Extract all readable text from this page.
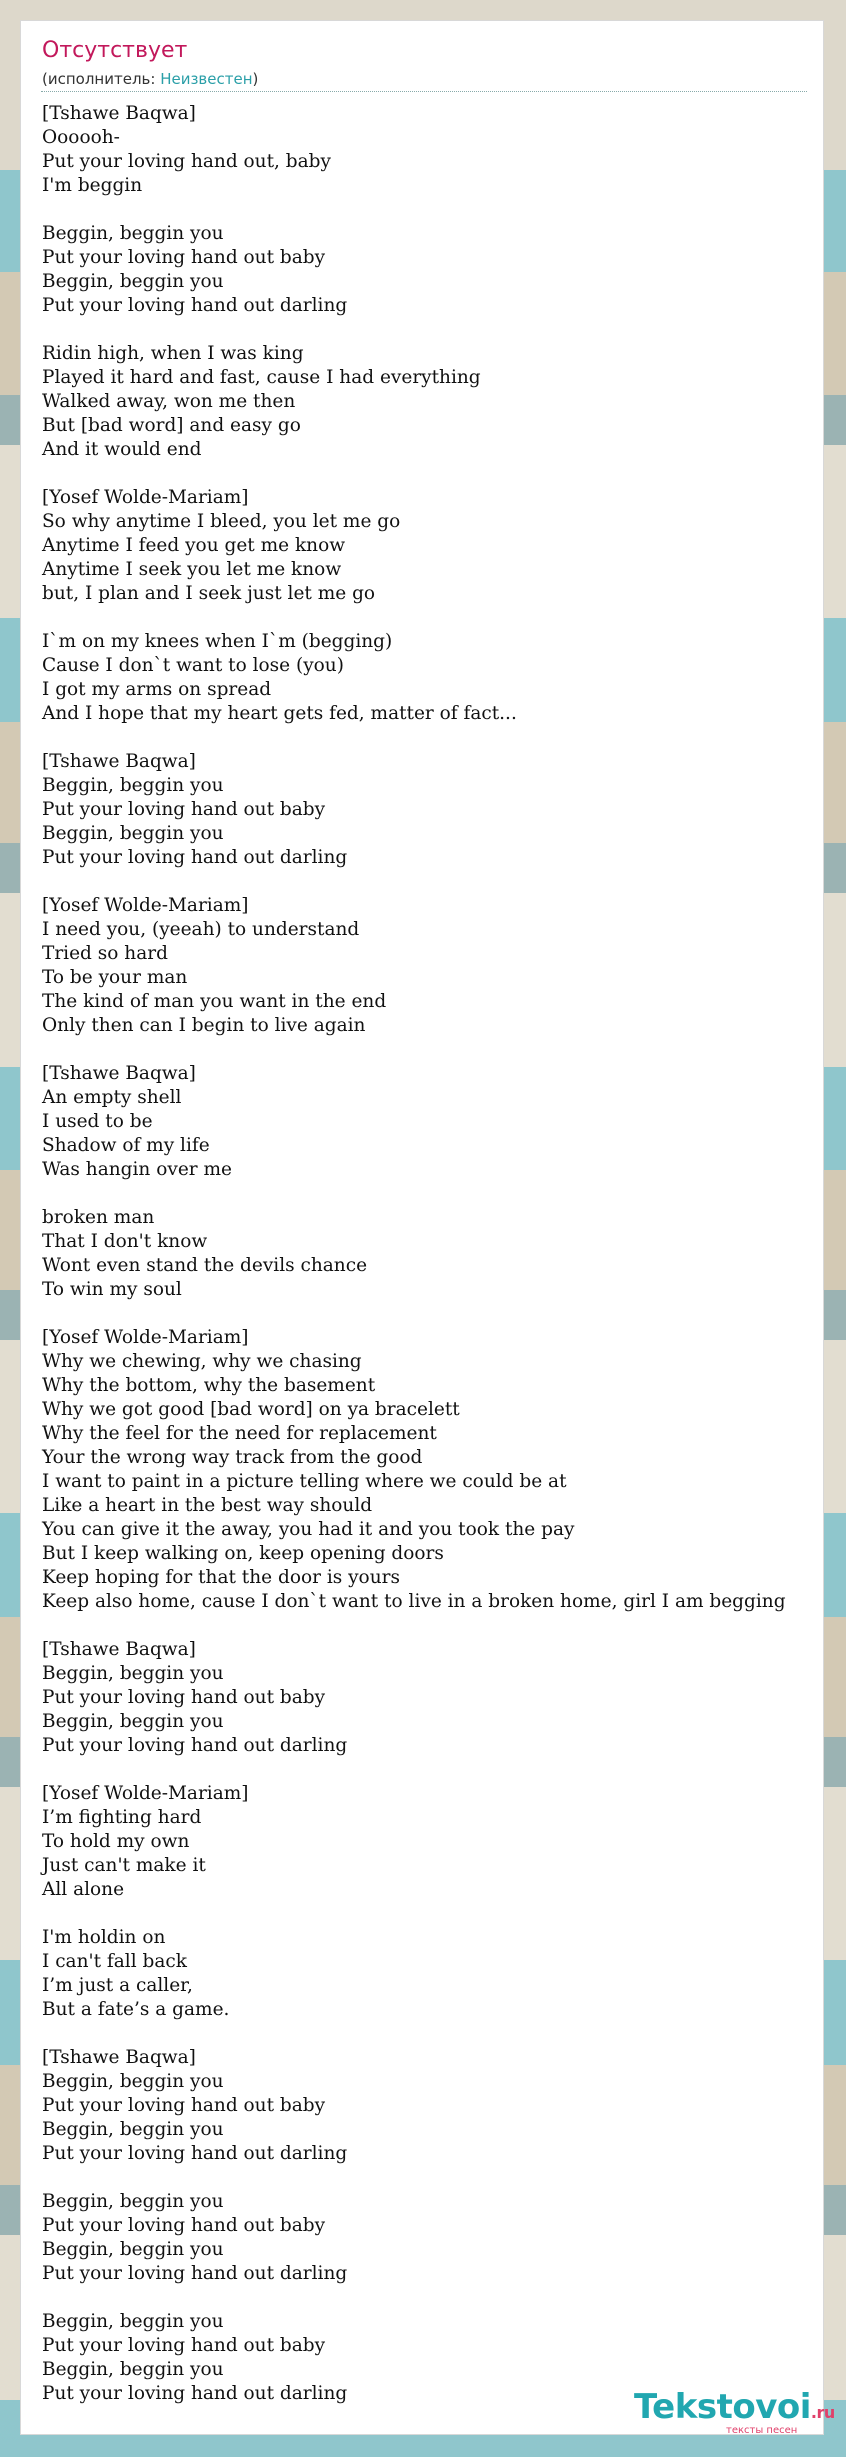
Отсутствует
(исполнитель: Неизвестен)
[Tshawe Baqwa]
Oooooh-
Put your loving hand out, baby
I'm beggin
Beggin, beggin you
Put your loving hand out baby
Beggin, beggin you
Put your loving hand out darling
Ridin high, when I was king
Played it hard and fast, cause I had everything
Walked away, won me then
But [bad word] and easy go
And it would end
[Yosef Wolde-Mariam]
So why anytime I bleed, you let me go
Anytime I feed you get me know
Anytime I seek you let me know
but, I plan and I seek just let me go
I`m on my knees when I`m (begging)
Cause I don`t want to lose (you)
I got my arms on spread
And I hope that my heart gets fed, matter of fact...
[Tshawe Baqwa]
Beggin, beggin you
Put your loving hand out baby
Beggin, beggin you
Put your loving hand out darling
[Yosef Wolde-Mariam]
I need you, (yeeah) to understand
Tried so hard
To be your man
The kind of man you want in the end
Only then can I begin to live again
[Tshawe Baqwa]
An empty shell
I used to be
Shadow of my life
Was hangin over me
broken man
That I don't know
Wont even stand the devils chance
To win my soul
[Yosef Wolde-Mariam]
Why we chewing, why we chasing
Why the bottom, why the basement
Why we got good [bad word] on ya bracelett
Why the feel for the need for replacement
Your the wrong way track from the good
I want to paint in a picture telling where we could be at
Like a heart in the best way should
You can give it the away, you had it and you took the pay
But I keep walking on, keep opening doors
Keep hoping for that the door is yours
Keep also home, cause I don`t want to live in a broken home, girl I am begging
[Tshawe Baqwa]
Beggin, beggin you
Put your loving hand out baby
Beggin, beggin you
Put your loving hand out darling
[Yosef Wolde-Mariam]
I’m fighting hard
To hold my own
Just can't make it
All alone
I'm holdin on
I can't fall back
I’m just a caller,
But a fate’s a game.
[Tshawe Baqwa]
Beggin, beggin you
Put your loving hand out baby
Beggin, beggin you
Put your loving hand out darling
Beggin, beggin you
Put your loving hand out baby
Beggin, beggin you
Put your loving hand out darling
Beggin, beggin you
Put your loving hand out baby
Beggin, beggin you
Put your loving hand out darling	Tekstovoi.ru
тексты песен
